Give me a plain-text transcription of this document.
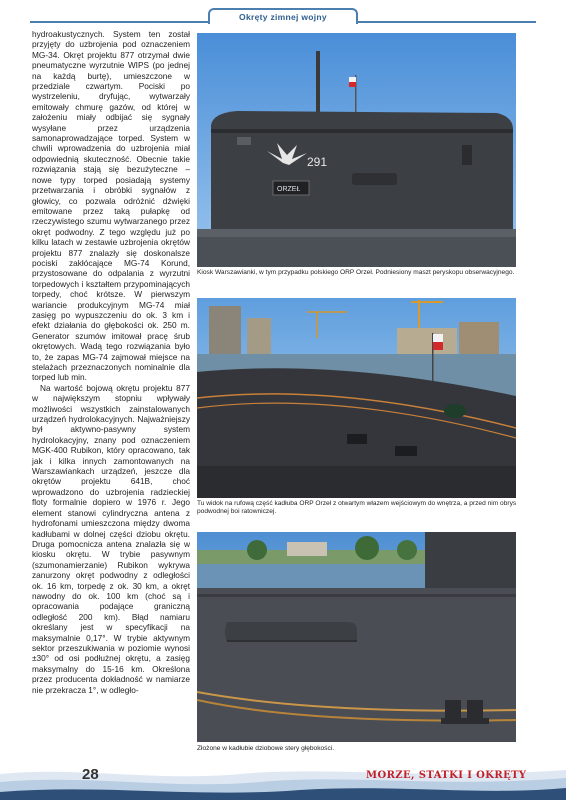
Okręty zimnej wojny

hydroakustycznych. System ten został przyjęty do uzbrojenia pod oznaczeniem MG-34. Okręt projektu 877 otrzymał dwie pneumatyczne wyrzutnie WIPS (po jednej na każdą burtę), umieszczone w przedziale czwartym. Pociski po wystrzeleniu, dryfując, wytwarzały emitowały chmurę gazów, od której w założeniu miały odbijać się sygnały wysyłane przez urządzenia samonaprowadzające torped. System w chwili wprowadzenia do uzbrojenia miał odpowiednią skuteczność. Obecnie takie rozwiązania stają się bezużyteczne – nowe typy torped posiadają systemy przetwarzania i obróbki sygnałów z głowicy, co pozwala odróżnić dźwięki emitowane przez taką pułapkę od rzeczywistego szumu wytwarzanego przez okręt podwodny. Z tego względu już po kilku latach w zestawie uzbrojenia okrętów projektu 877 znalazły się doskonalsze pociski zakłócające MG-74 Korund, przystosowane do odpalania z wyrzutni torpedowych i kształtem przypominających torpedy, choć krótsze. W pierwszym wariancie produkcyjnym MG-74 miał zasięg po wypuszczeniu do ok. 3 km i efekt działania do głębokości ok. 250 m. Generator szumów imitował pracę śrub okrętowych. Wadą tego rozwiązania było to, że zapas MG-74 zajmował miejsce na stelażach przeznaczonych nominalnie dla torped lub min.

Na wartość bojową okrętu projektu 877 w największym stopniu wpływały możliwości wszystkich zainstalowanych urządzeń hydrolokacyjnych. Najważniejszy był aktywno-pasywny system hydrolokacyjny, znany pod oznaczeniem MGK-400 Rubikon, który opracowano, tak jak i kilka innych zamontowanych na Warszawiankach urządzeń, jeszcze dla okrętów projektu 641B, choć wprowadzono do uzbrojenia radzieckiej floty formalnie dopiero w 1976 r. Jego element stanowi cylindryczna antena z hydrofonami umieszczona między dwoma kadłubami w dolnej części dziobu okrętu. Druga pomocnicza antena znalazła się w kiosku okrętu. W trybie pasywnym (szumonamierzanie) Rubikon wykrywa zanurzony okręt podwodny z odległości ok. 16 km, torpedę z ok. 30 km, a okręt nawodny do ok. 100 km (choć są i opracowania podające graniczną odległość 200 km). Błąd namiaru określany jest w specyfikacji na maksymalnie 0,17°. W trybie aktywnym sektor przeszukiwania w poziomie wynosi ±30° od osi podłużnej okrętu, a zasięg maksymalny do 15-16 km. Określona przez producenta dokładność w namiarze nie przekracza 1°, w odległo-

291
ORZEŁ
Kiosk Warszawianki, w tym przypadku polskiego ORP Orzeł. Podniesiony maszt peryskopu obserwacyjnego.
Tu widok na rufową część kadłuba ORP Orzeł z otwartym włazem wejściowym do wnętrza, a przed nim obrys podwodnej boi ratowniczej.
Złożone w kadłubie dziobowe stery głębokości.
28	MORZE, STATKI I OKRĘTY
